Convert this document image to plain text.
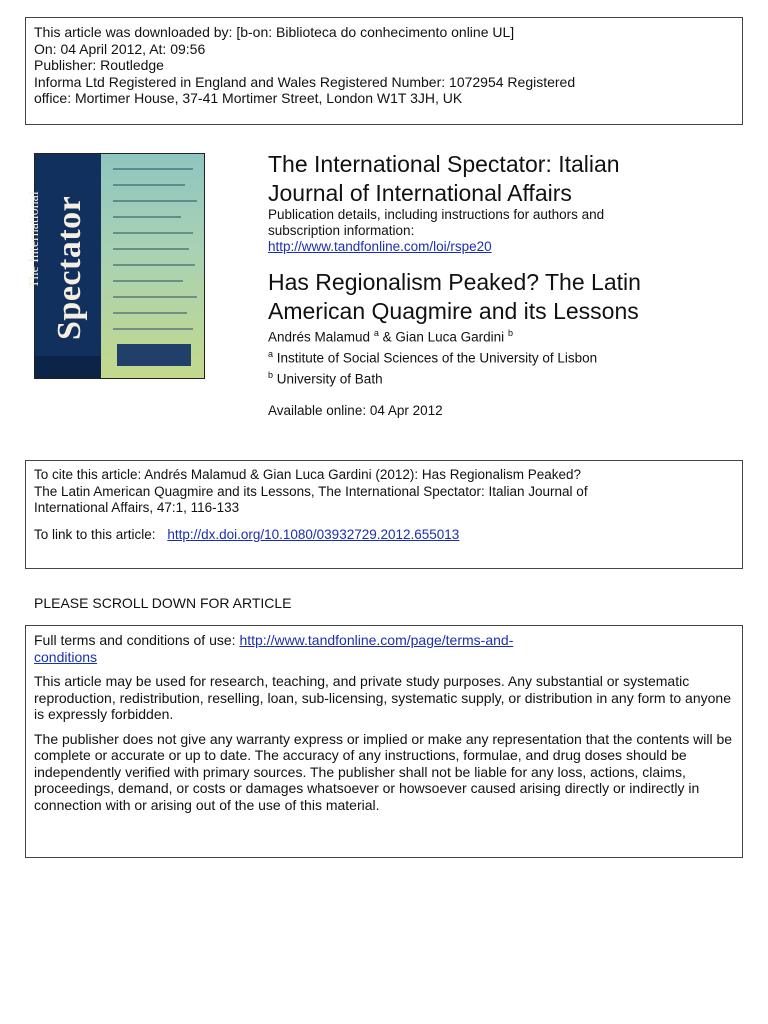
This article was downloaded by: [b-on: Biblioteca do conhecimento online UL]
On: 04 April 2012, At: 09:56
Publisher: Routledge
Informa Ltd Registered in England and Wales Registered Number: 1072954 Registered
office: Mortimer House, 37-41 Mortimer Street, London W1T 3JH, UK
The International Spectator
The International Spectator: Italian
Journal of International Affairs
Publication details, including instructions for authors and
subscription information:
http://www.tandfonline.com/loi/rspe20
Has Regionalism Peaked? The Latin
American Quagmire and its Lessons
Andrés Malamud $^a$ & Gian Luca Gardini $^b$
$^a$ Institute of Social Sciences of the University of Lisbon
$^b$ University of Bath
Available online: 04 Apr 2012
To cite this article: Andrés Malamud & Gian Luca Gardini (2012): Has Regionalism Peaked?
The Latin American Quagmire and its Lessons, The International Spectator: Italian Journal of
International Affairs, 47:1, 116-133
To link to this article: http://dx.doi.org/10.1080/03932729.2012.655013
PLEASE SCROLL DOWN FOR ARTICLE

Full terms and conditions of use: http://www.tandfonline.com/page/terms-and-
conditions

This article may be used for research, teaching, and private study purposes. Any substantial or systematic reproduction, redistribution, reselling, loan, sub-licensing, systematic supply, or distribution in any form to anyone is expressly forbidden.

The publisher does not give any warranty express or implied or make any representation that the contents will be complete or accurate or up to date. The accuracy of any instructions, formulae, and drug doses should be independently verified with primary sources. The publisher shall not be liable for any loss, actions, claims, proceedings, demand, or costs or damages whatsoever or howsoever caused arising directly or indirectly in connection with or arising out of the use of this material.
